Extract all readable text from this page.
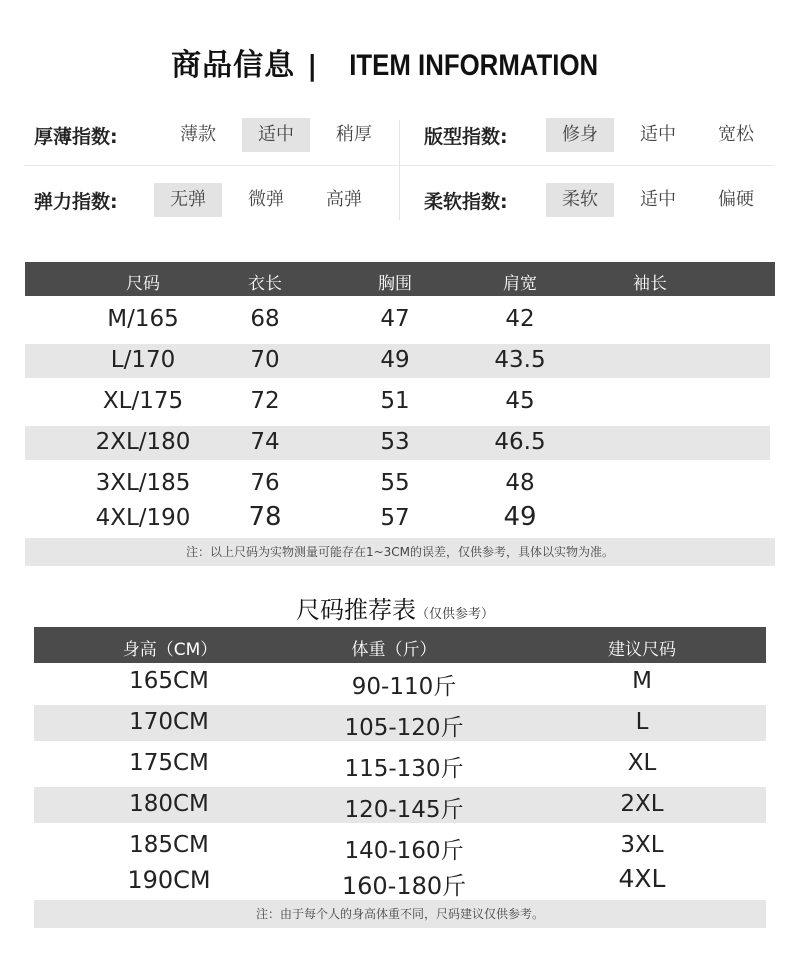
商品信息 | ITEM INFORMATION
厚薄指数:	薄款	适中	稍厚	版型指数:	修身	适中	宽松
弹力指数:	无弹	微弹	高弹	柔软指数:	柔软	适中	偏硬
尺码	衣长	胸围	肩宽	袖长
M/165	68	47	42
L/170	70	49	43.5
XL/175	72	51	45
2XL/180	74	53	46.5
3XL/185	76	55	48
4XL/190	78	57	49
注：以上尺码为实物测量可能存在1~3CM的误差，仅供参考，具体以实物为准。
尺码推荐表（仅供参考）
身高（CM）	体重（斤）	建议尺码
165CM	90-110斤	M
170CM	105-120斤	L
175CM	115-130斤	XL
180CM	120-145斤	2XL
185CM	140-160斤	3XL
190CM	160-180斤	4XL
注：由于每个人的身高体重不同，尺码建议仅供参考。
